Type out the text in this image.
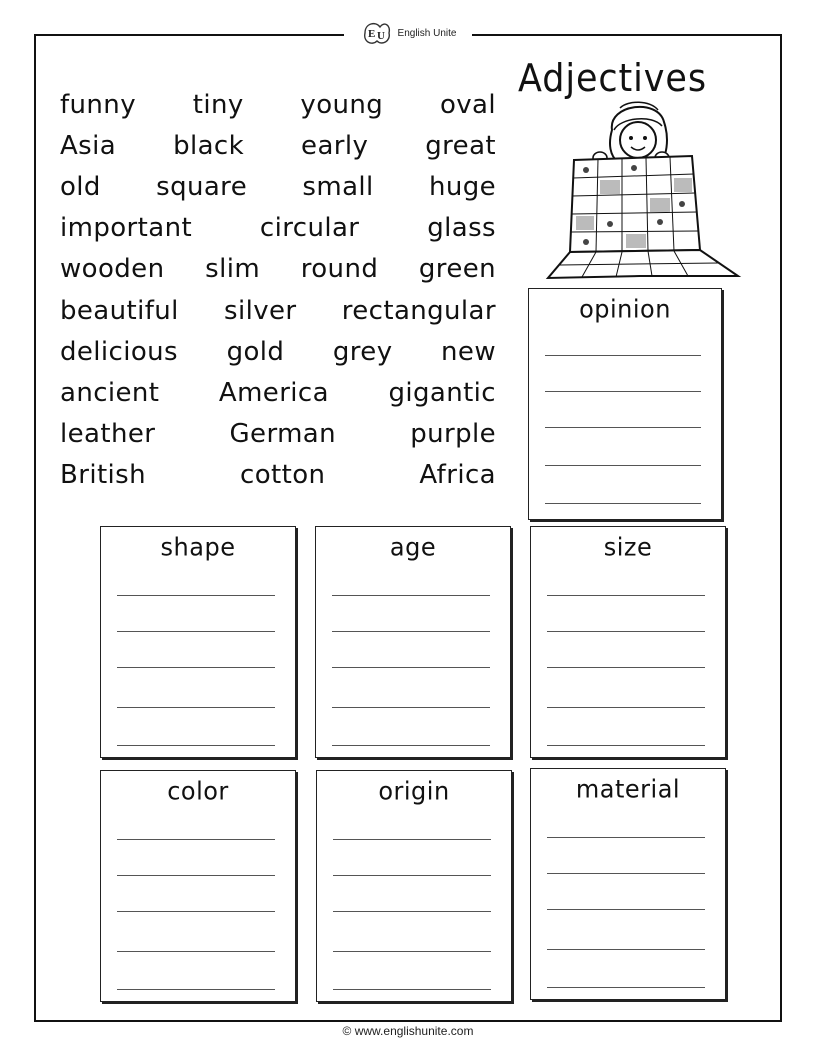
E U English Unite
Adjectives
funny tiny young oval
Asia black early great
old square small huge
important	circular	glass
wooden slim round green
beautiful silver rectangular
delicious gold grey new
ancient America gigantic
leather	German	purple
British	cotton	Africa
opinion
shape	age	size
color	origin	material
© www.englishunite.com
